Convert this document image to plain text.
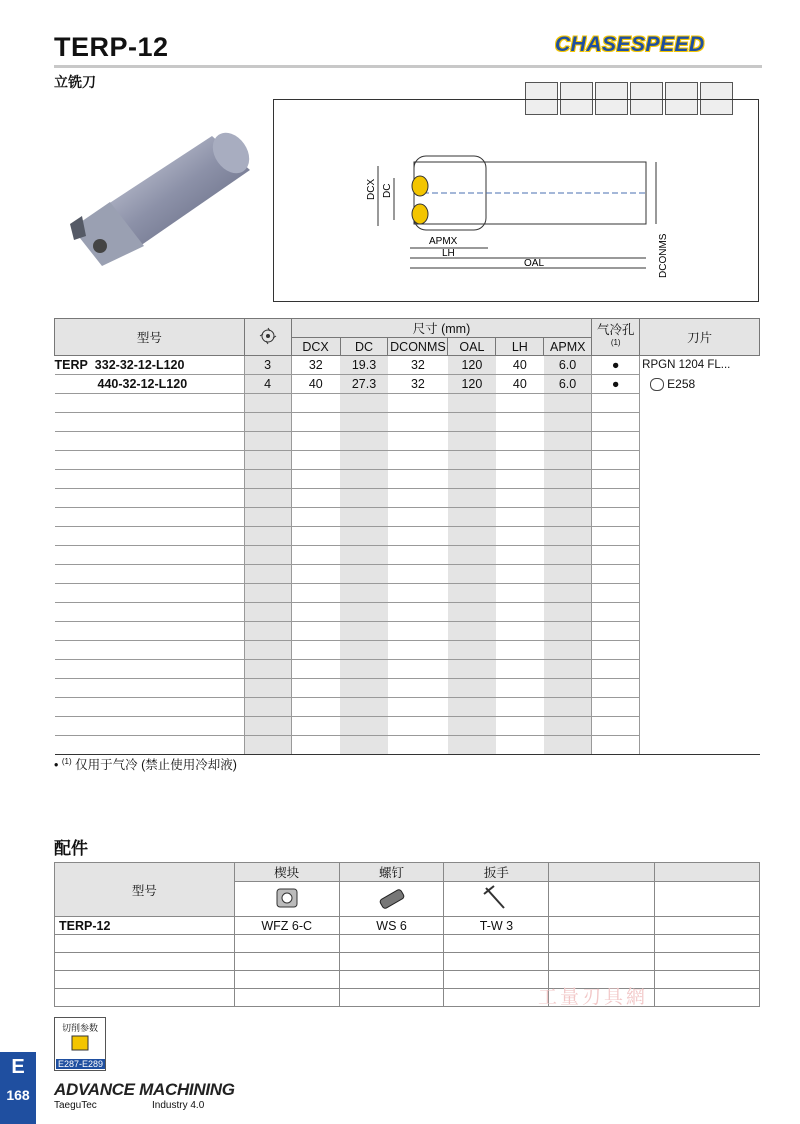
TERP-12
立铣刀
CHASESPEED
DCX DC
APMX
LH
OAL	DCONMS
型号		尺寸 (mm)						气冷孔$^{(1)}$	刀片
		DCX	DC	DCONMS	OAL	LH	APMX		
TERP 332-32-12-L120	3	32	19.3	32	120	40	6.0	●	RPGN 1204 FL...
440-32-12-L120	4	40	27.3	32	120	40	6.0	●	E258

• $^{(1)}$ 仅用于气冷 (禁止使用冷却液)
配件
型号	楔块	螺钉	扳手		

TERP-12	WFZ 6-C	WS 6	T-W 3		

工量刃具網
切削参数
E287-E289
E
168	ADVANCE MACHINING
TaeguTec	Industry 4.0
